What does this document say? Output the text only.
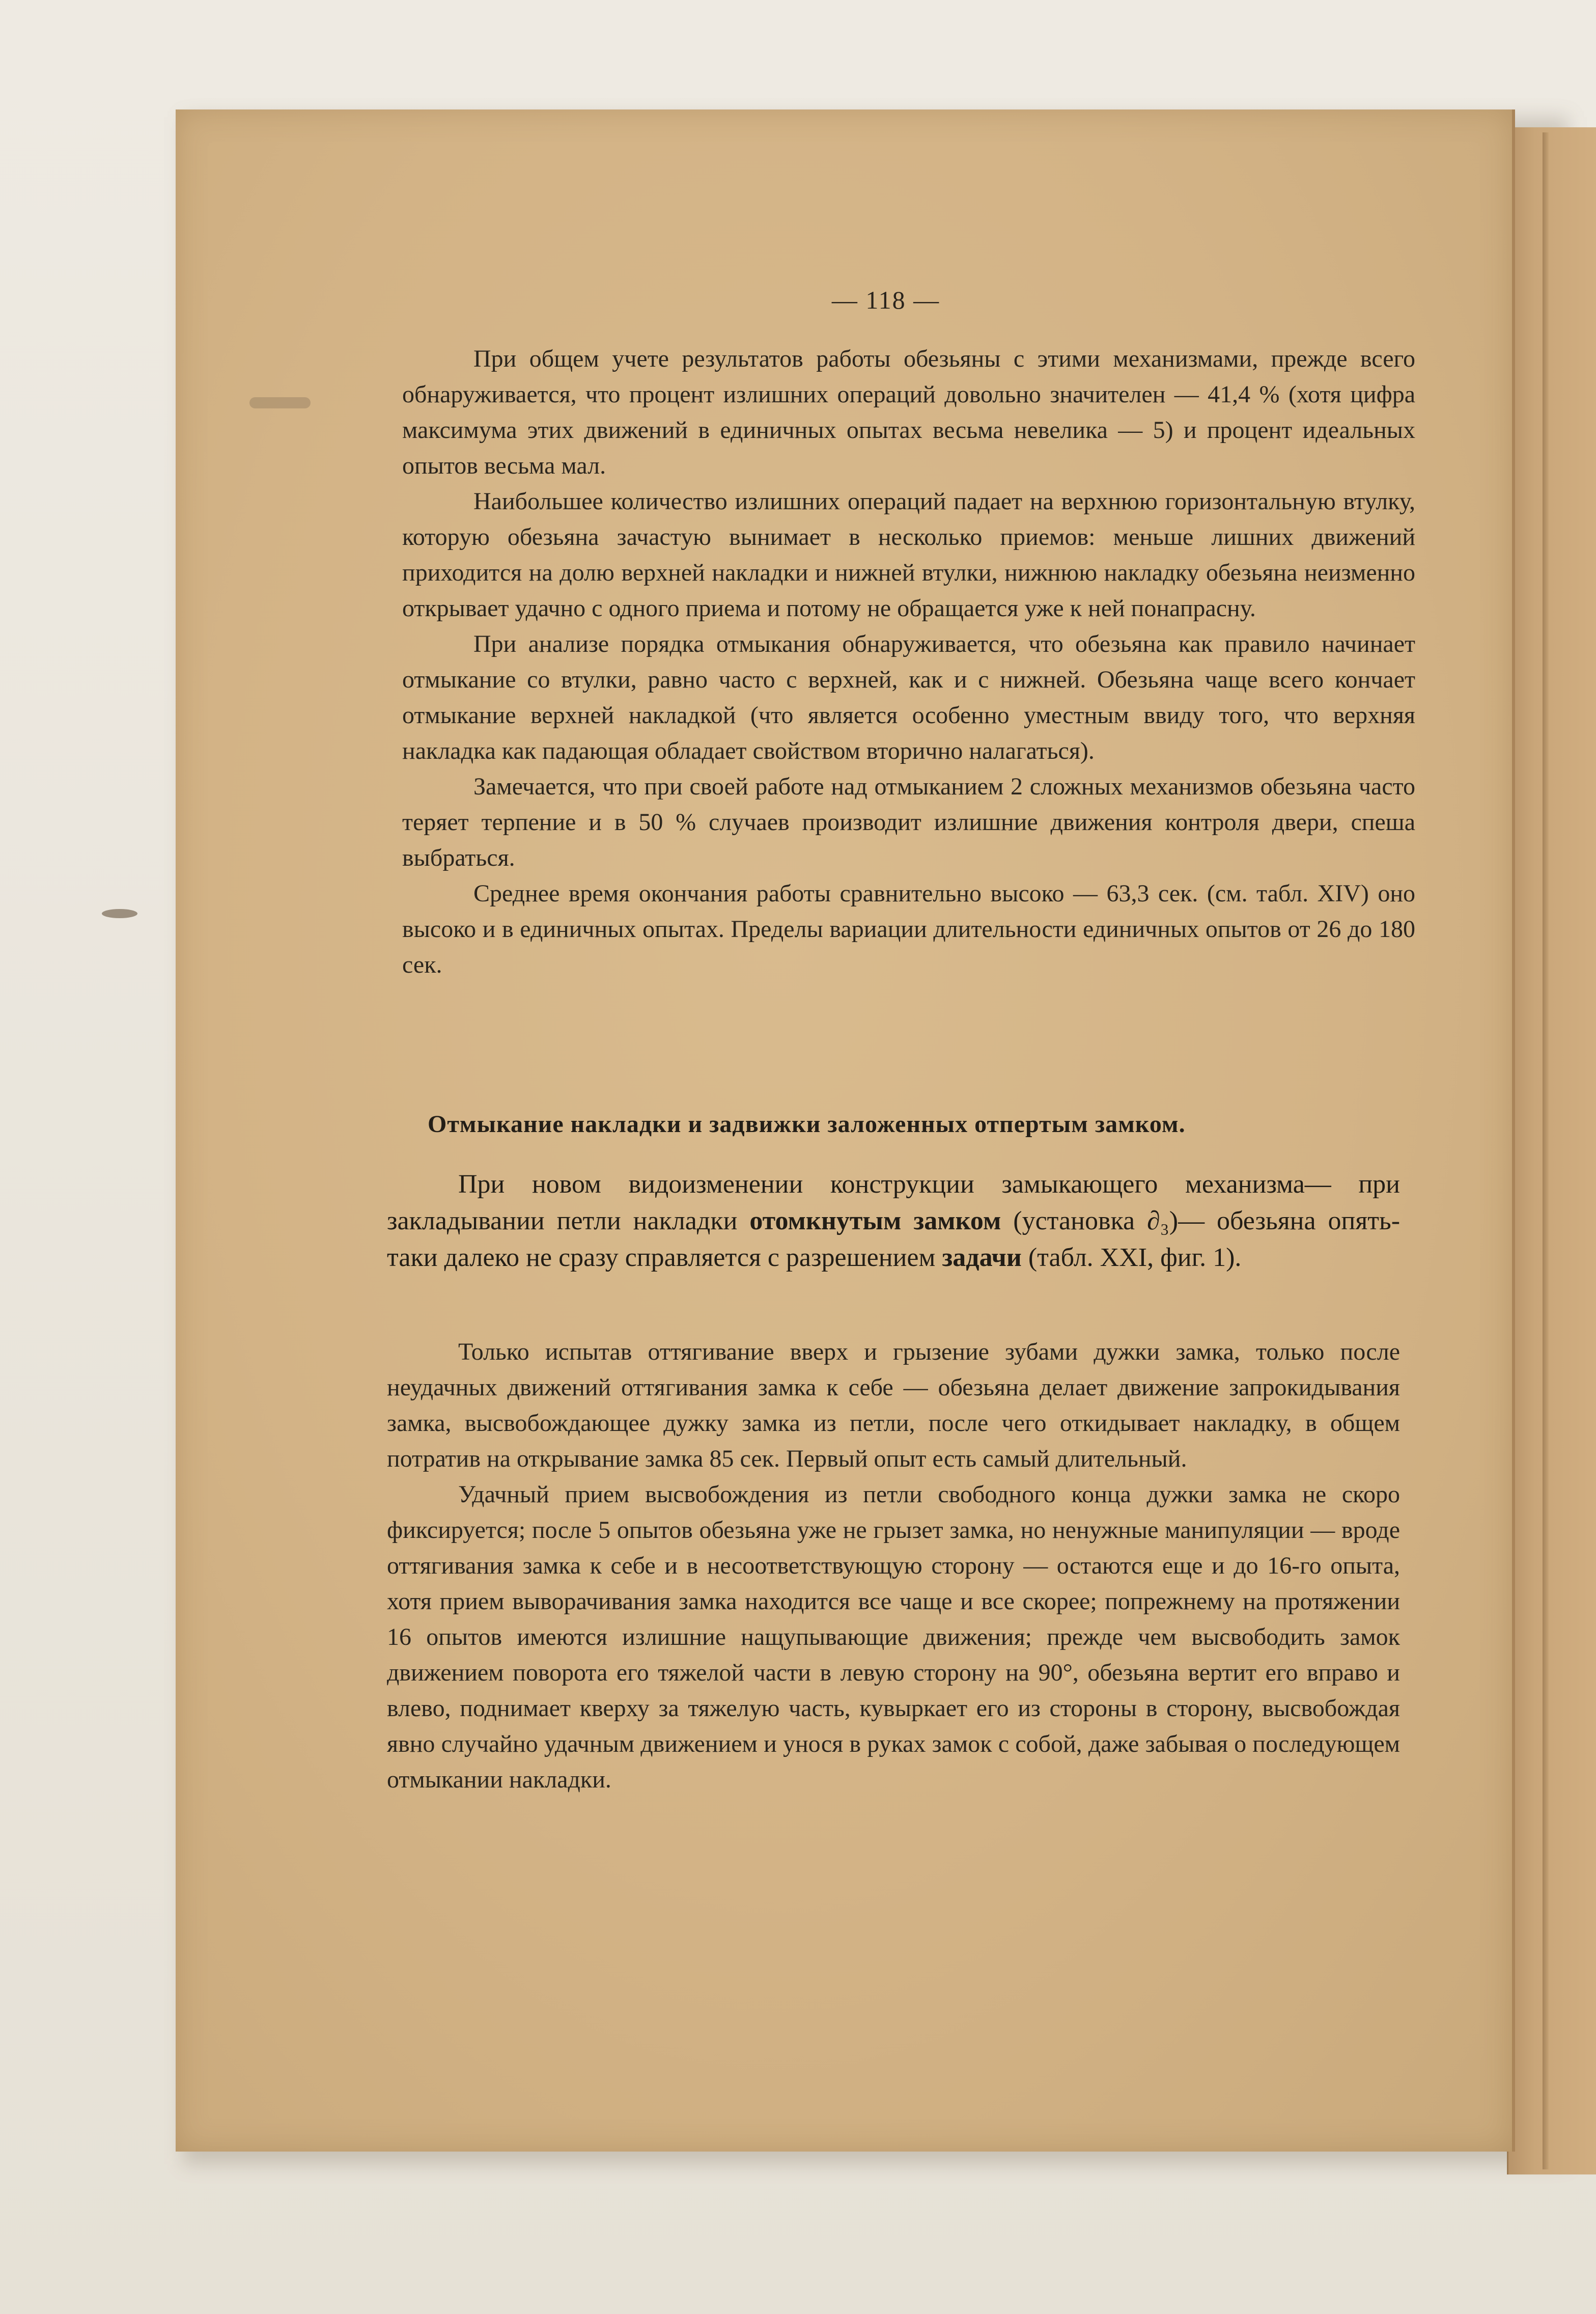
— 118 —

При общем учете результатов работы обезьяны с этими механизмами, прежде всего обнаруживается, что процент излишних операций довольно значителен — 41,4 % (хотя цифра максимума этих движений в единичных опытах весьма невелика — 5) и процент идеальных опытов весьма мал.

Наибольшее количество излишних операций падает на верхнюю горизонтальную втулку, которую обезьяна зачастую вынимает в несколько приемов: меньше лишних движений приходится на долю верхней накладки и нижней втулки, нижнюю накладку обезьяна неизменно открывает удачно с одного приема и потому не обращается уже к ней понапрасну.

При анализе порядка отмыкания обнаруживается, что обезьяна как правило начинает отмыкание со втулки, равно часто с верхней, как и с нижней. Обезьяна чаще всего кончает отмыкание верхней накладкой (что является особенно уместным ввиду того, что верхняя накладка как падающая обладает свойством вторично налагаться).

Замечается, что при своей работе над отмыканием 2 сложных механизмов обезьяна часто теряет терпение и в 50 % случаев производит излишние движения контроля двери, спеша выбраться.

Среднее время окончания работы сравнительно высоко — 63,3 сек. (см. табл. XIV) оно высоко и в единичных опытах. Пределы вариации длительности единичных опытов от 26 до 180 сек.

Отмыкание накладки и задвижки заложенных отпертым замком.

При новом видоизменении конструкции замыкающего механизма— при закладывании петли накладки отомкнутым замком (установка ∂₃)— обезьяна опять-таки далеко не сразу справляется с разрешением задачи (табл. XXI, фиг. 1).

Только испытав оттягивание вверх и грызение зубами дужки замка, только после неудачных движений оттягивания замка к себе — обезьяна делает движение запрокидывания замка, высвобождающее дужку замка из петли, после чего откидывает накладку, в общем потратив на открывание замка 85 сек. Первый опыт есть самый длительный.

Удачный прием высвобождения из петли свободного конца дужки замка не скоро фиксируется; после 5 опытов обезьяна уже не грызет замка, но ненужные манипуляции — вроде оттягивания замка к себе и в несоответствующую сторону — остаются еще и до 16-го опыта, хотя прием выворачивания замка находится все чаще и все скорее; попрежнему на протяжении 16 опытов имеются излишние нащупывающие движения; прежде чем высвободить замок движением поворота его тяжелой части в левую сторону на 90°, обезьяна вертит его вправо и влево, поднимает кверху за тяжелую часть, кувыркает его из стороны в сторону, высвобождая явно случайно удачным движением и унося в руках замок с собой, даже забывая о последующем отмыкании накладки.
